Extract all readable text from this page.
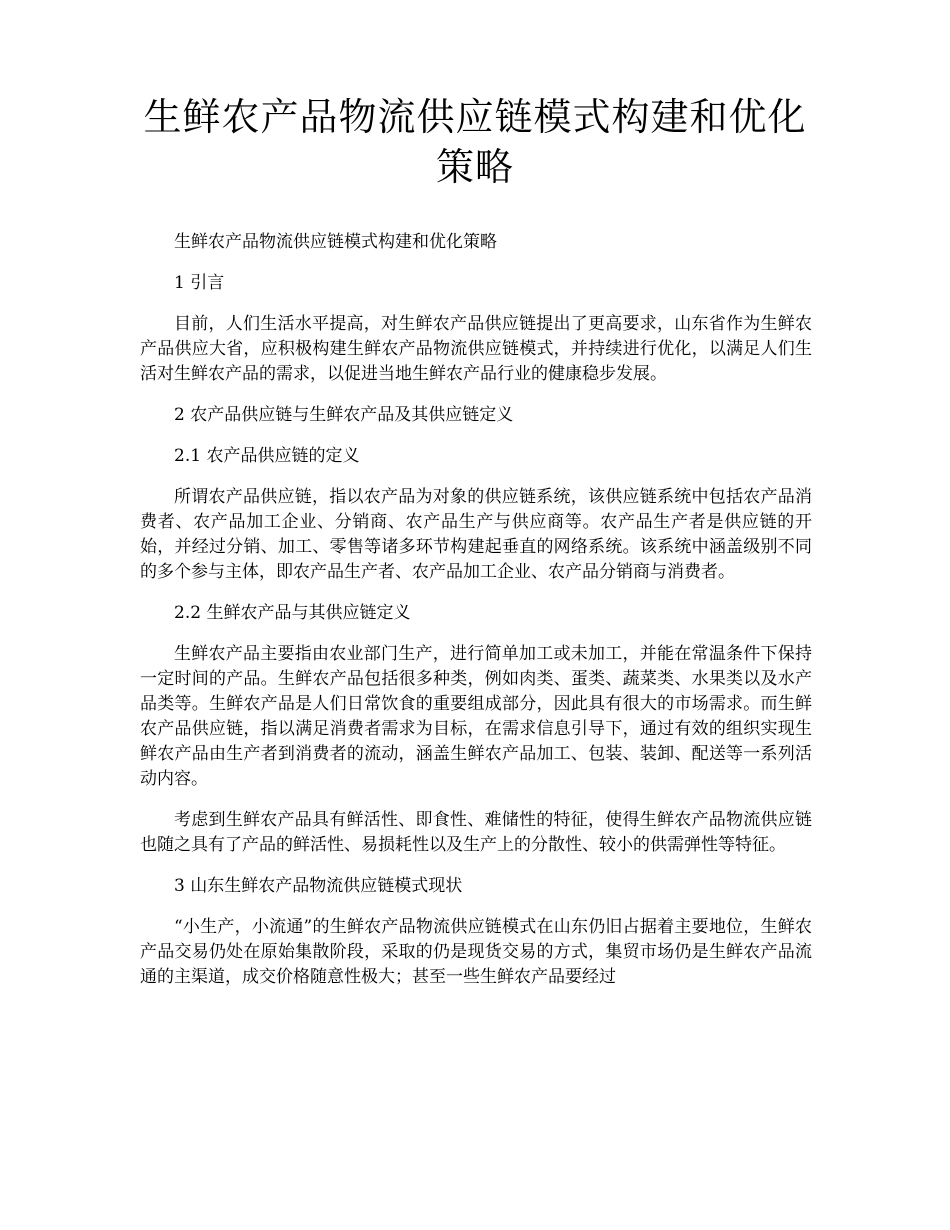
生鲜农产品物流供应链模式构建和优化策略

生鲜农产品物流供应链模式构建和优化策略

1 引言

目前，人们生活水平提高，对生鲜农产品供应链提出了更高要求，山东省作为生鲜农产品供应大省，应积极构建生鲜农产品物流供应链模式，并持续进行优化，以满足人们生活对生鲜农产品的需求，以促进当地生鲜农产品行业的健康稳步发展。

2 农产品供应链与生鲜农产品及其供应链定义

2.1 农产品供应链的定义

所谓农产品供应链，指以农产品为对象的供应链系统，该供应链系统中包括农产品消费者、农产品加工企业、分销商、农产品生产与供应商等。农产品生产者是供应链的开始，并经过分销、加工、零售等诸多环节构建起垂直的网络系统。该系统中涵盖级别不同的多个参与主体，即农产品生产者、农产品加工企业、农产品分销商与消费者。

2.2 生鲜农产品与其供应链定义

生鲜农产品主要指由农业部门生产，进行简单加工或未加工，并能在常温条件下保持一定时间的产品。生鲜农产品包括很多种类，例如肉类、蛋类、蔬菜类、水果类以及水产品类等。生鲜农产品是人们日常饮食的重要组成部分，因此具有很大的市场需求。而生鲜农产品供应链，指以满足消费者需求为目标，在需求信息引导下，通过有效的组织实现生鲜农产品由生产者到消费者的流动，涵盖生鲜农产品加工、包装、装卸、配送等一系列活动内容。

考虑到生鲜农产品具有鲜活性、即食性、难储性的特征，使得生鲜农产品物流供应链也随之具有了产品的鲜活性、易损耗性以及生产上的分散性、较小的供需弹性等特征。

3 山东生鲜农产品物流供应链模式现状

“小生产，小流通”的生鲜农产品物流供应链模式在山东仍旧占据着主要地位，生鲜农产品交易仍处在原始集散阶段，采取的仍是现货交易的方式，集贸市场仍是生鲜农产品流通的主渠道，成交价格随意性极大；甚至一些生鲜农产品要经过
